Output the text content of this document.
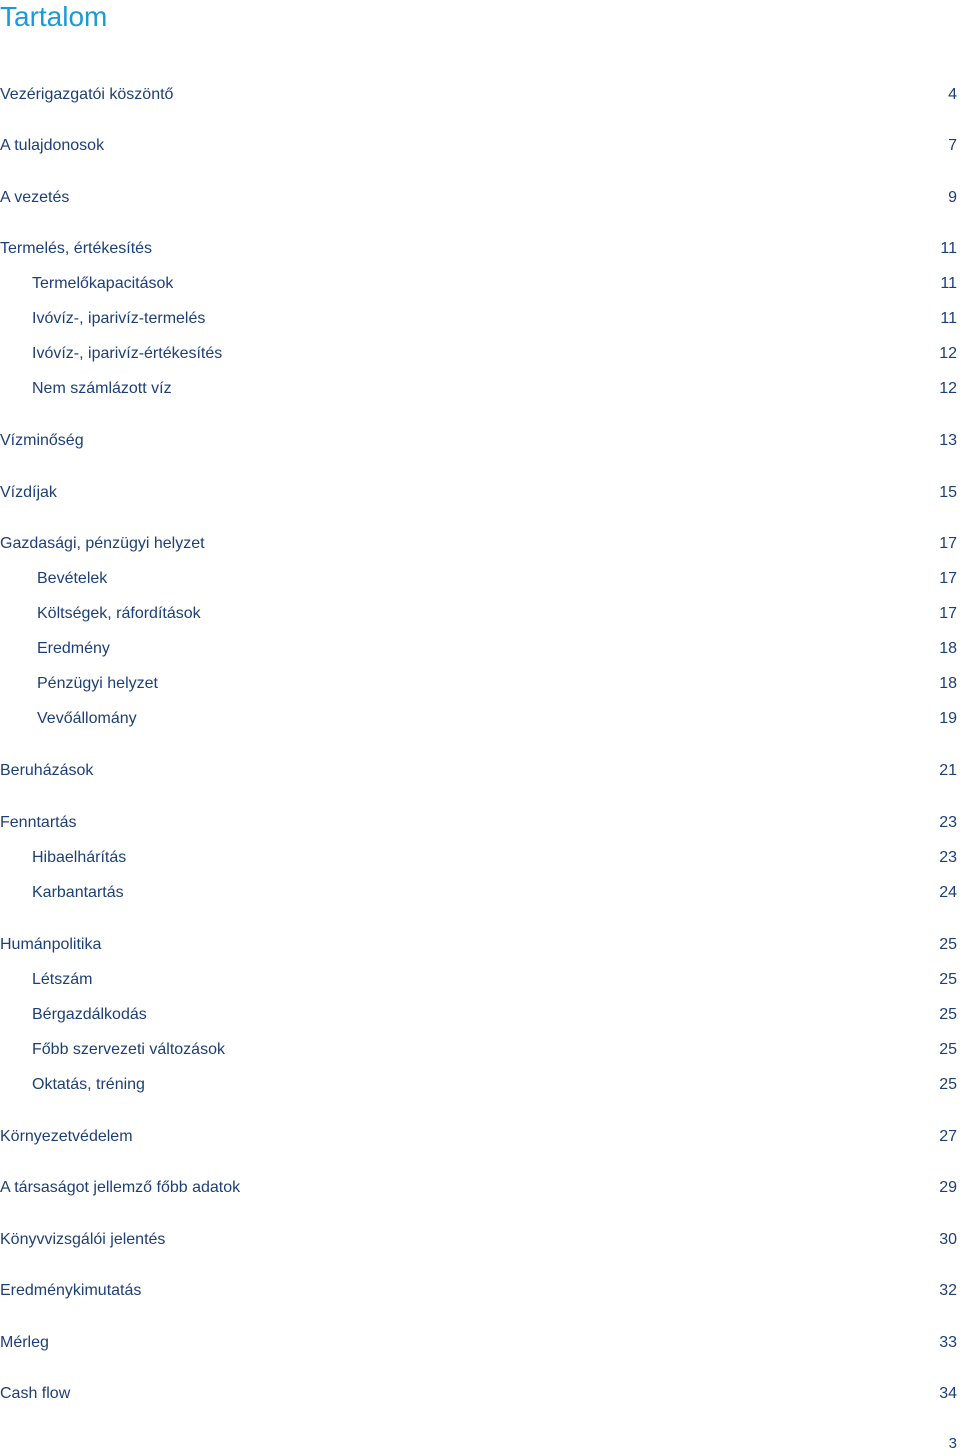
Tartalom
Vezérigazgatói köszöntő	4
A tulajdonosok	7
A vezetés	9
Termelés, értékesítés	11
Termelőkapacitások	11
Ivóvíz-, iparivíz-termelés	11
Ivóvíz-, iparivíz-értékesítés	12
Nem számlázott víz	12
Vízminőség	13
Vízdíjak	15
Gazdasági, pénzügyi helyzet	17
Bevételek	17
Költségek, ráfordítások	17
Eredmény	18
Pénzügyi helyzet	18
Vevőállomány	19
Beruházások	21
Fenntartás	23
Hibaelhárítás	23
Karbantartás	24
Humánpolitika	25
Létszám	25
Bérgazdálkodás	25
Főbb szervezeti változások	25
Oktatás, tréning	25
Környezetvédelem	27
A társaságot jellemző főbb adatok	29
Könyvvizsgálói jelentés	30
Eredménykimutatás	32
Mérleg	33
Cash flow	34
3
